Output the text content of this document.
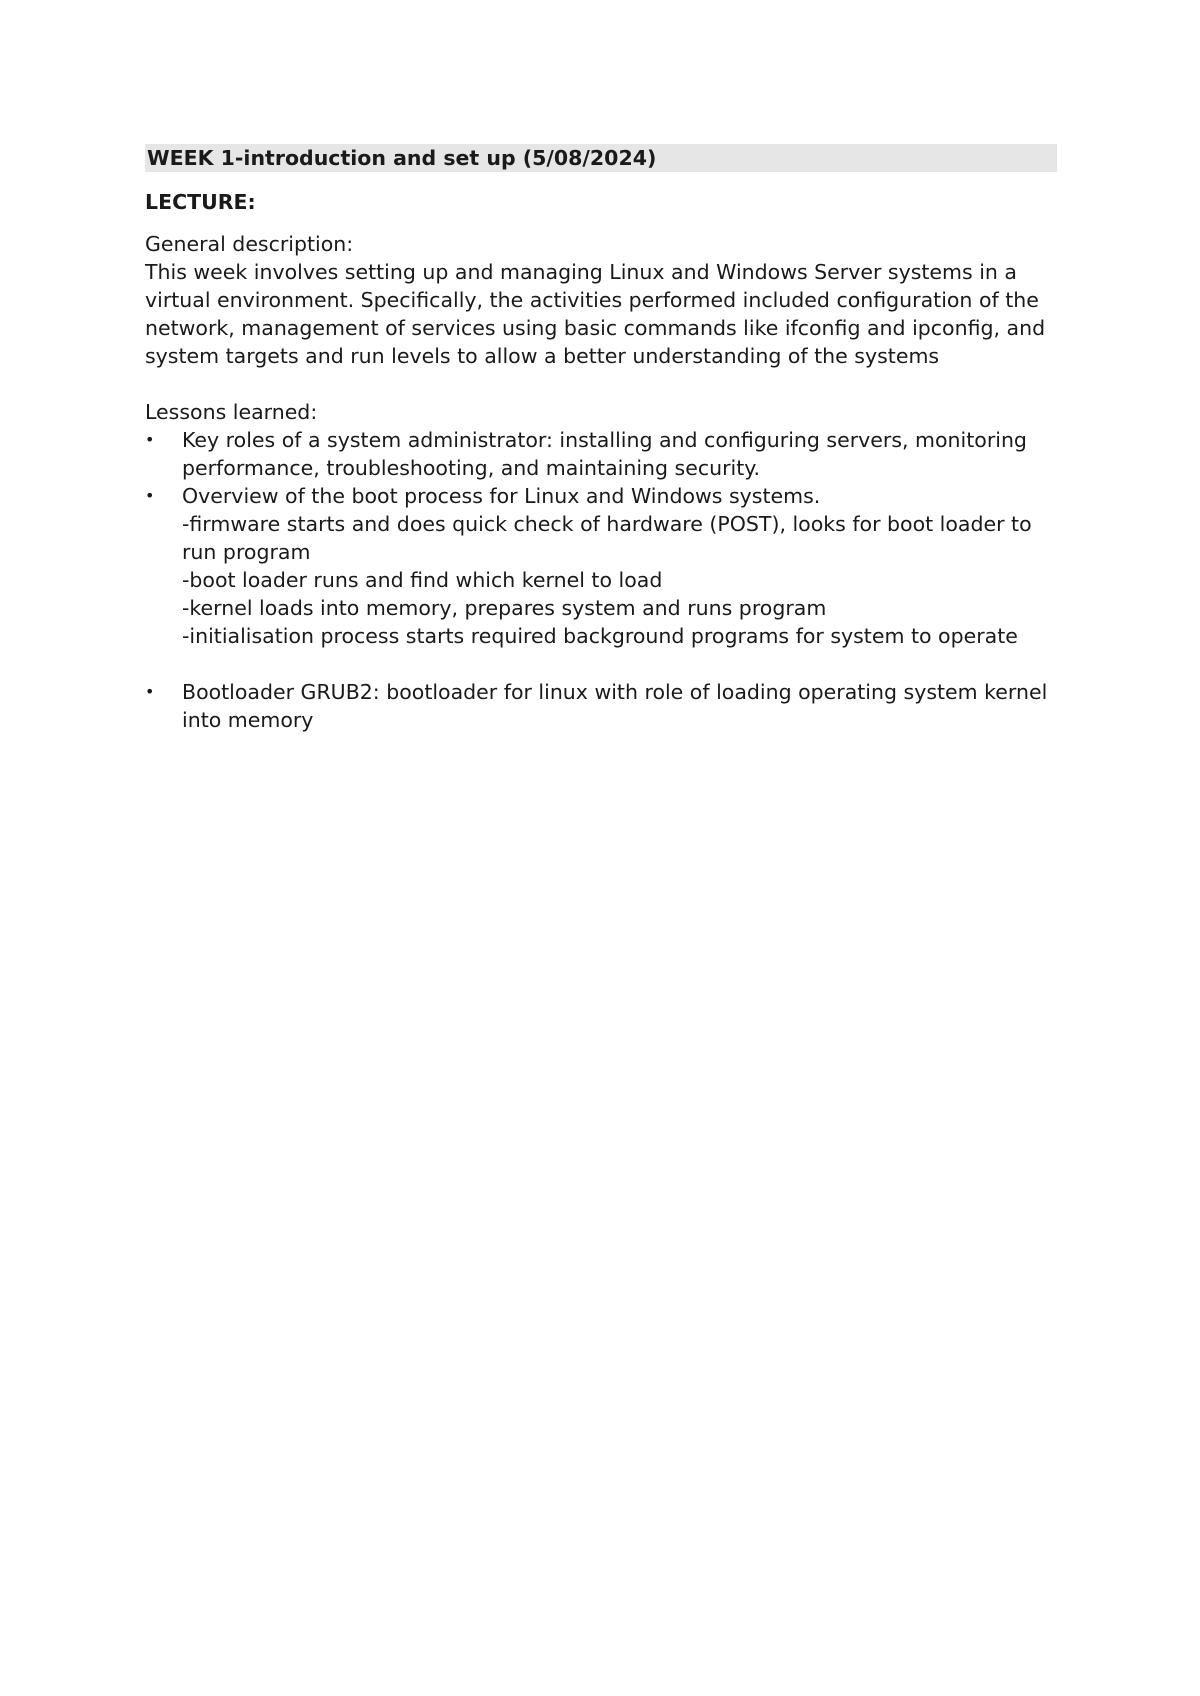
WEEK 1-introduction and set up (5/08/2024)
LECTURE:
General description:
This week involves setting up and managing Linux and Windows Server systems in a virtual environment. Specifically, the activities performed included configuration of the network, management of services using basic commands like ifconfig and ipconfig, and system targets and run levels to allow a better understanding of the systems
Lessons learned:
•	Key roles of a system administrator: installing and configuring servers, monitoring performance, troubleshooting, and maintaining security.
•	Overview of the boot process for Linux and Windows systems.
-firmware starts and does quick check of hardware (POST), looks for boot loader to run program
-boot loader runs and find which kernel to load
-kernel loads into memory, prepares system and runs program
-initialisation process starts required background programs for system to operate
•	Bootloader GRUB2: bootloader for linux with role of loading operating system kernel into memory
